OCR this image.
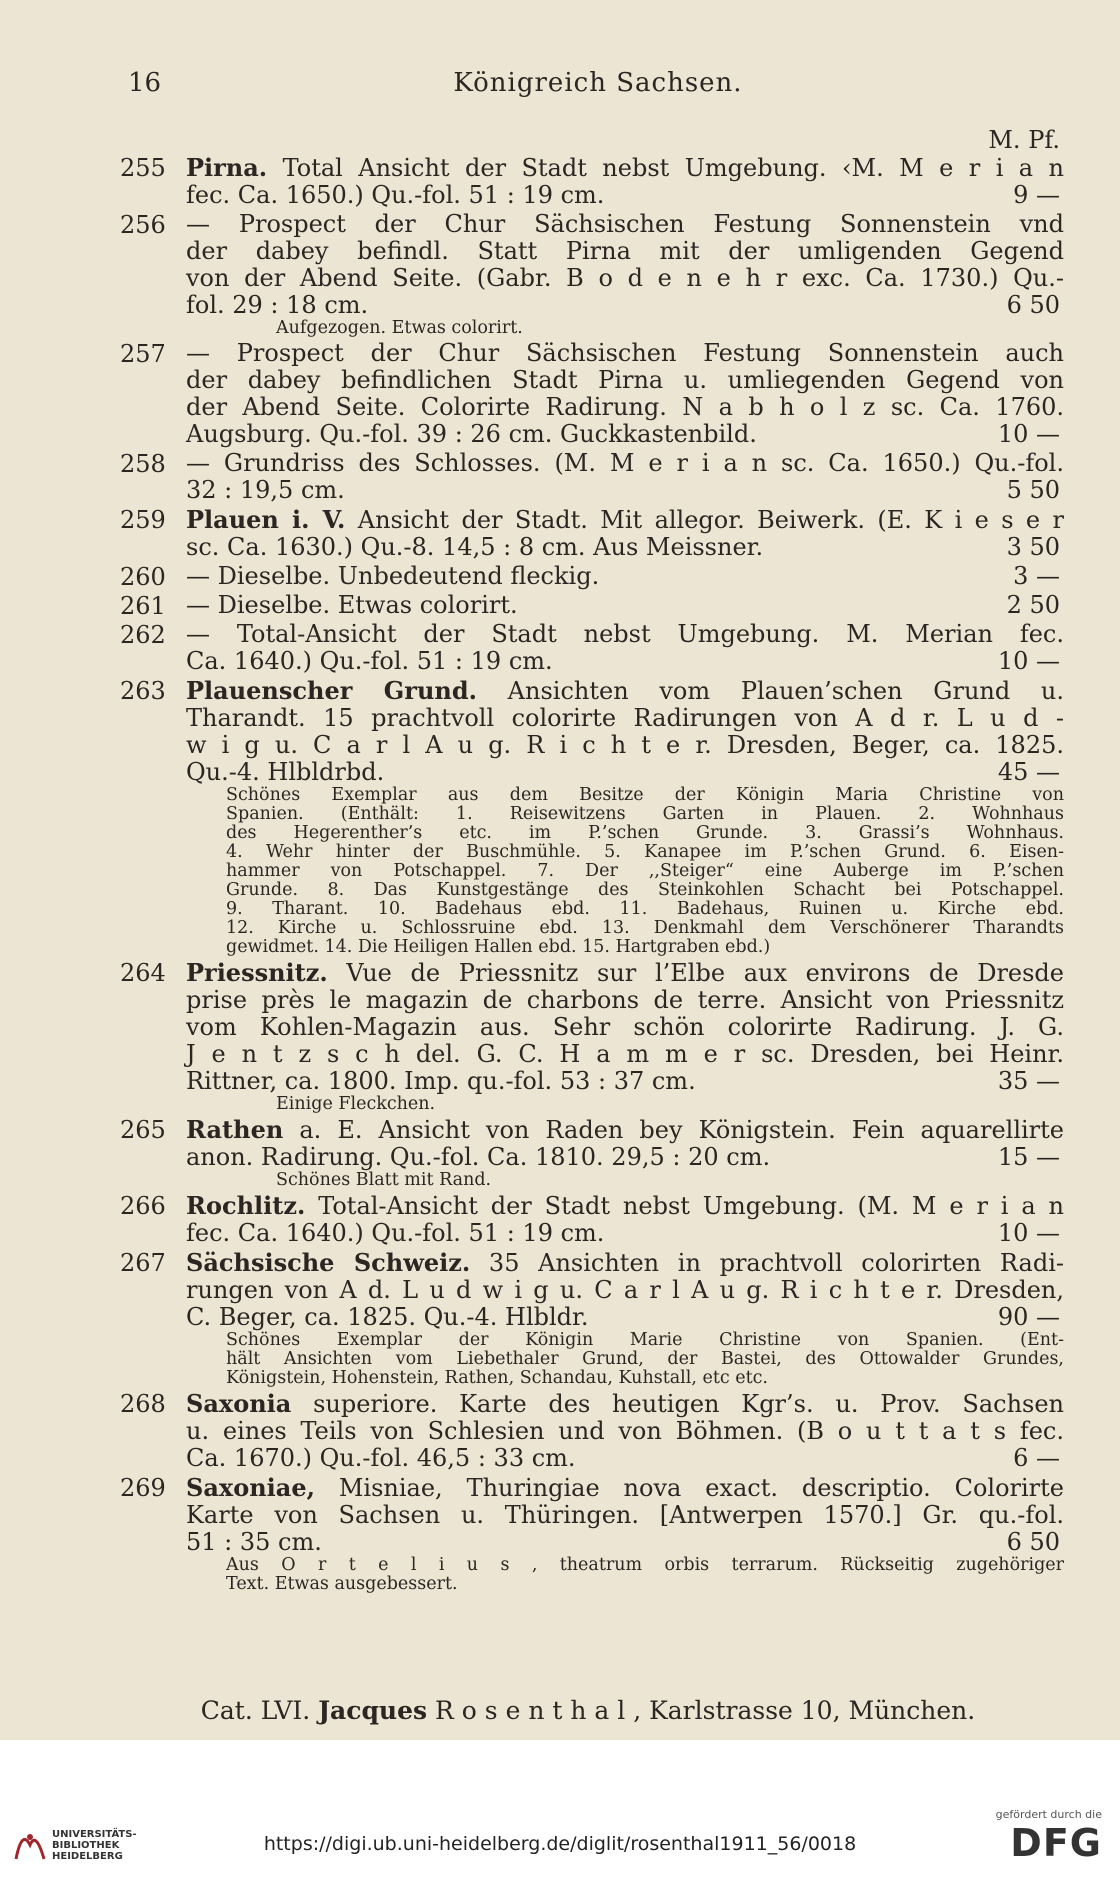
16	Königreich Sachsen.
M. Pf.
255 Pirna. Total Ansicht der Stadt nebst Umgebung. ‹M. M e r i a n
fec. Ca. 1650.) Qu.-fol. 51 : 19 cm.	9 —
256 — Prospect der Chur Sächsischen Festung Sonnenstein vnd
der dabey befindl. Statt Pirna mit der umligenden Gegend
von der Abend Seite. (Gabr. B o d e n e h r exc. Ca. 1730.) Qu.-
fol. 29 : 18 cm.	6 50
Aufgezogen. Etwas colorirt.
257 — Prospect der Chur Sächsischen Festung Sonnenstein auch
der dabey befindlichen Stadt Pirna u. umliegenden Gegend von
der Abend Seite. Colorirte Radirung. N a b h o l z sc. Ca. 1760.
Augsburg. Qu.-fol. 39 : 26 cm. Guckkastenbild.	10 —
258 — Grundriss des Schlosses. (M. M e r i a n sc. Ca. 1650.) Qu.-fol.
32 : 19,5 cm.	5 50
259 Plauen i. V. Ansicht der Stadt. Mit allegor. Beiwerk. (E. K i e s e r
sc. Ca. 1630.) Qu.-8. 14,5 : 8 cm. Aus Meissner.	3 50
260 — Dieselbe. Unbedeutend fleckig.	3 —
261 — Dieselbe. Etwas colorirt.	2 50
262 — Total-Ansicht der Stadt nebst Umgebung. M. Merian fec.
Ca. 1640.) Qu.-fol. 51 : 19 cm.	10 —
263 Plauenscher Grund. Ansichten vom Plauen’schen Grund u.
Tharandt. 15 prachtvoll colorirte Radirungen von A d r. L u d -
w i g u. C a r l A u g. R i c h t e r. Dresden, Beger, ca. 1825.
Qu.-4. Hlbldrbd.	45 —
Schönes Exemplar aus dem Besitze der Königin Maria Christine von
Spanien. (Enthält: 1. Reisewitzens Garten in Plauen. 2. Wohnhaus
des Hegerenther’s etc. im P.’schen Grunde. 3. Grassi’s Wohnhaus.
4. Wehr hinter der Buschmühle. 5. Kanapee im P.’schen Grund. 6. Eisen-
hammer von Potschappel. 7. Der ,,Steiger“ eine Auberge im P.’schen
Grunde. 8. Das Kunstgestänge des Steinkohlen Schacht bei Potschappel.
9. Tharant. 10. Badehaus ebd. 11. Badehaus, Ruinen u. Kirche ebd.
12. Kirche u. Schlossruine ebd. 13. Denkmahl dem Verschönerer Tharandts
gewidmet. 14. Die Heiligen Hallen ebd. 15. Hartgraben ebd.)
264 Priessnitz. Vue de Priessnitz sur l’Elbe aux environs de Dresde
prise près le magazin de charbons de terre. Ansicht von Priessnitz
vom Kohlen-Magazin aus. Sehr schön colorirte Radirung. J. G.
J e n t z s c h del. G. C. H a m m e r sc. Dresden, bei Heinr.
Rittner, ca. 1800. Imp. qu.-fol. 53 : 37 cm.	35 —
Einige Fleckchen.
265 Rathen a. E. Ansicht von Raden bey Königstein. Fein aquarellirte
anon. Radirung. Qu.-fol. Ca. 1810. 29,5 : 20 cm.	15 —
Schönes Blatt mit Rand.
266 Rochlitz. Total-Ansicht der Stadt nebst Umgebung. (M. M e r i a n
fec. Ca. 1640.) Qu.-fol. 51 : 19 cm.	10 —
267 Sächsische Schweiz. 35 Ansichten in prachtvoll colorirten Radi-
rungen von A d. L u d w i g u. C a r l A u g. R i c h t e r. Dresden,
C. Beger, ca. 1825. Qu.-4. Hlbldr.	90 —
Schönes Exemplar der Königin Marie Christine von Spanien. (Ent-
hält Ansichten vom Liebethaler Grund, der Bastei, des Ottowalder Grundes,
Königstein, Hohenstein, Rathen, Schandau, Kuhstall, etc etc.
268 Saxonia superiore. Karte des heutigen Kgr’s. u. Prov. Sachsen
u. eines Teils von Schlesien und von Böhmen. (B o u t t a t s fec.
Ca. 1670.) Qu.-fol. 46,5 : 33 cm.	6 —
269 Saxoniae, Misniae, Thuringiae nova exact. descriptio. Colorirte
Karte von Sachsen u. Thüringen. [Antwerpen 1570.] Gr. qu.-fol.
51 : 35 cm.	6 50
Aus O r t e l i u s , theatrum orbis terrarum. Rückseitig zugehöriger
Text. Etwas ausgebessert.
Cat. LVI. Jacques R o s e n t h a l , Karlstrasse 10, München.
UNIVERSITÄTS-
BIBLIOTHEK
HEIDELBERG
https://digi.ub.uni-heidelberg.de/diglit/rosenthal1911_56/0018
gefördert durch die
DFG
